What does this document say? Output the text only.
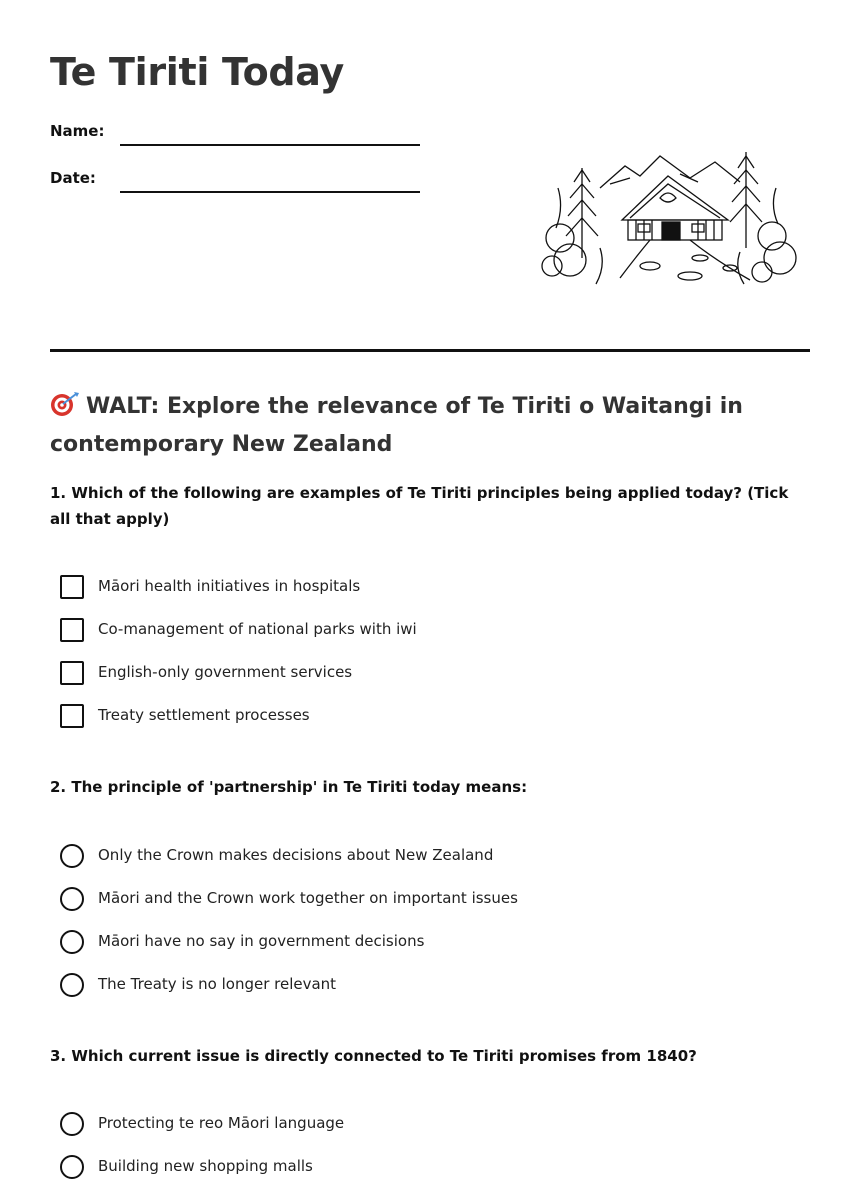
Te Tiriti Today
Name:
Date:
WALT: Explore the relevance of Te Tiriti o Waitangi in contemporary New Zealand

1. Which of the following are examples of Te Tiriti principles being applied today? (Tick all that apply)

Māori health initiatives in hospitals
Co-management of national parks with iwi
English-only government services
Treaty settlement processes

2. The principle of 'partnership' in Te Tiriti today means:

Only the Crown makes decisions about New Zealand
Māori and the Crown work together on important issues
Māori have no say in government decisions
The Treaty is no longer relevant

3. Which current issue is directly connected to Te Tiriti promises from 1840?

Protecting te reo Māori language
Building new shopping malls
